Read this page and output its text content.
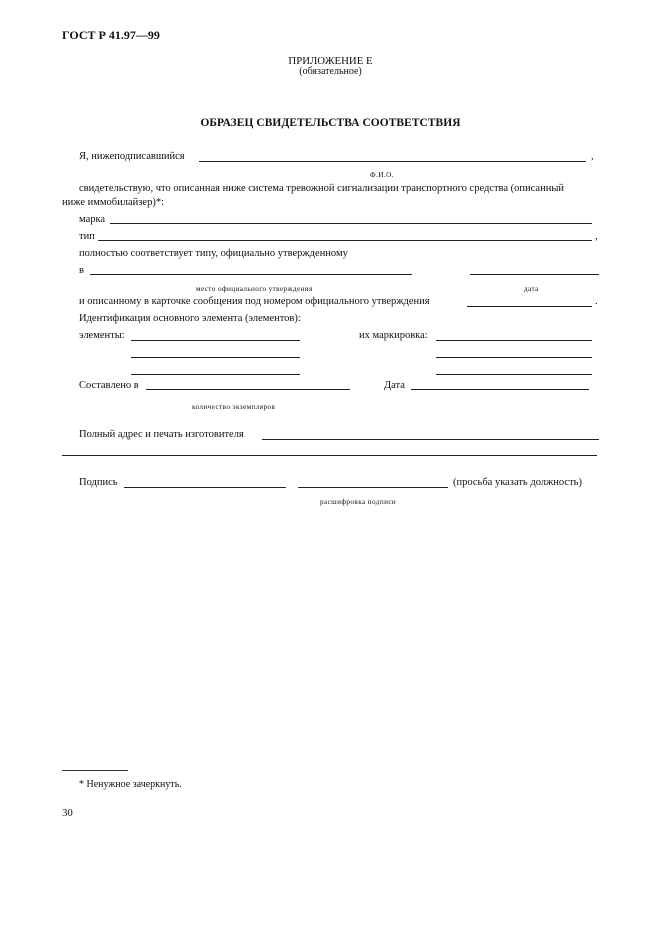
ГОСТ Р 41.97—99
ПРИЛОЖЕНИЕ Е
(обязательное)
ОБРАЗЕЦ СВИДЕТЕЛЬСТВА СООТВЕТСТВИЯ
Я, нижеподписавшийся	,
Ф.И.О.
свидетельствую, что описанная ниже система тревожной сигнализации транспортного средства (описанный
ниже иммобилайзер)*:
марка
тип	,
полностью соответствует типу, официально утвержденному
в
место официального утверждения	дата
и описанному в карточке сообщения под номером официального утверждения	.
Идентификация основного элемента (элементов):
элементы:	их маркировка:
Составлено в	Дата
количество экземпляров
Полный адрес и печать изготовителя
Подпись	(просьба указать должность)
расшифровка подписи
* Ненужное зачеркнуть.
30
